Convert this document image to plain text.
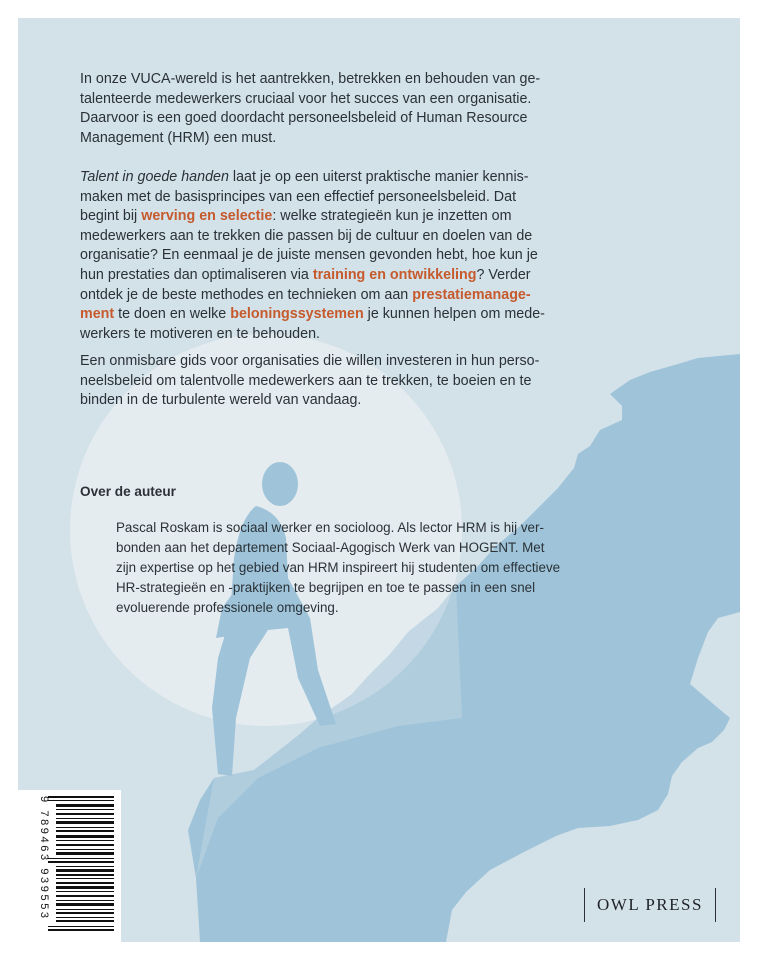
In onze VUCA-wereld is het aantrekken, betrekken en behouden van ge-

talenteerde medewerkers cruciaal voor het succes van een organisatie.

Daarvoor is een goed doordacht personeelsbeleid of Human Resource

Management (HRM) een must.

Talent in goede handen laat je op een uiterst praktische manier kennis-

maken met de basisprincipes van een effectief personeelsbeleid. Dat

begint bij werving en selectie: welke strategieën kun je inzetten om

medewerkers aan te trekken die passen bij de cultuur en doelen van de

organisatie? En eenmaal je de juiste mensen gevonden hebt, hoe kun je

hun prestaties dan optimaliseren via training en ontwikkeling? Verder

ontdek je de beste methodes en technieken om aan prestatiemanage-

ment te doen en welke beloningssystemen je kunnen helpen om mede-

werkers te motiveren en te behouden.

Een onmisbare gids voor organisaties die willen investeren in hun perso-

neelsbeleid om talentvolle medewerkers aan te trekken, te boeien en te

binden in de turbulente wereld van vandaag.

Over de auteur
Pascal Roskam is sociaal werker en socioloog. Als lector HRM is hij ver-
bonden aan het departement Sociaal-Agogisch Werk van HOGENT. Met
zijn expertise op het gebied van HRM inspireert hij studenten om effectieve
HR-strategieën en -praktijken te begrijpen en toe te passen in een snel
evoluerende professionele omgeving.
9 789463 939553	OWL PRESS
